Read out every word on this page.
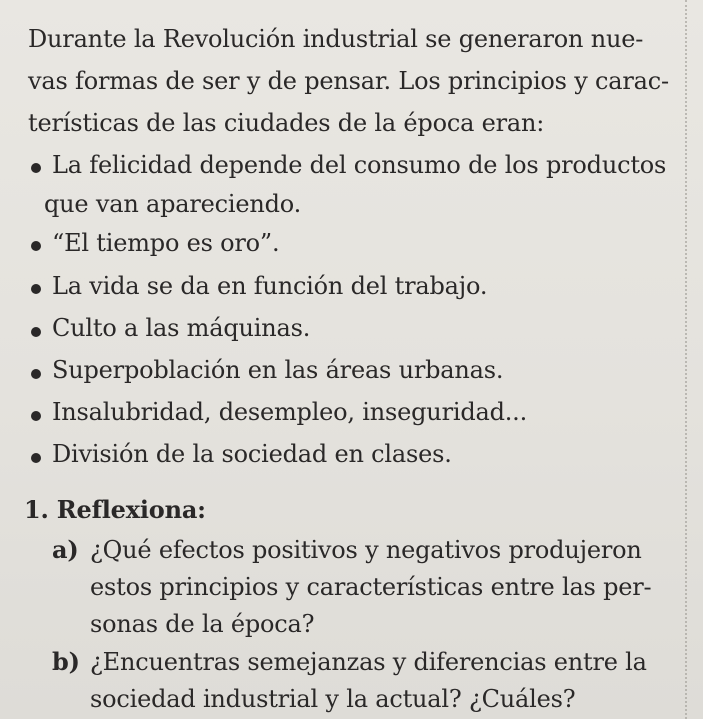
Durante la Revolución industrial se generaron nue-
vas formas de ser y de pensar. Los principios y carac-
terísticas de las ciudades de la época eran:
La felicidad depende del consumo de los productos
que van apareciendo.
“El tiempo es oro”.
La vida se da en función del trabajo.
Culto a las máquinas.
Superpoblación en las áreas urbanas.
Insalubridad, desempleo, inseguridad...
División de la sociedad en clases.
1. Reflexiona:
a) ¿Qué efectos positivos y negativos produjeron
estos principios y características entre las per-
sonas de la época?
b) ¿Encuentras semejanzas y diferencias entre la
sociedad industrial y la actual? ¿Cuáles?
